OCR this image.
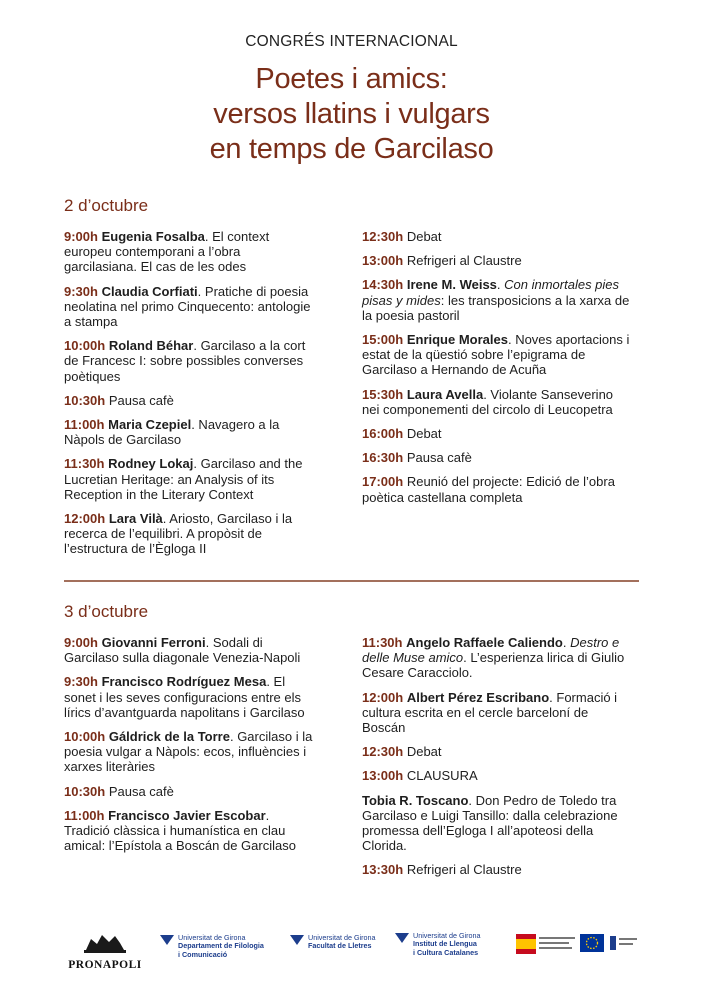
CONGRÉS INTERNACIONAL
Poetes i amics:
versos llatins i vulgars
en temps de Garcilaso
2 d’octubre

9:00h Eugenia Fosalba. El context europeu contemporani a l’obra garcilasiana. El cas de les odes

9:30h Claudia Corfiati. Pratiche di poesia neolatina nel primo Cinquecento: antologie a stampa

10:00h Roland Béhar. Garcilaso a la cort de Francesc I: sobre possibles converses poètiques

10:30h Pausa cafè

11:00h Maria Czepiel. Navagero a la Nàpols de Garcilaso

11:30h Rodney Lokaj. Garcilaso and the Lucretian Heritage: an Analysis of its Reception in the Literary Context

12:00h Lara Vilà. Ariosto, Garcilaso i la recerca de l’equilibri. A propòsit de l’estructura de l’Ègloga II

12:30h Debat

13:00h Refrigeri al Claustre

14:30h Irene M. Weiss. Con inmortales pies pisas y mides: les transposicions a la xarxa de la poesia pastoril

15:00h Enrique Morales. Noves aportacions i estat de la qüestió sobre l’epigrama de Garcilaso a Hernando de Acuña

15:30h Laura Avella. Violante Sanseverino nei componementi del circolo di Leucopetra

16:00h Debat

16:30h Pausa cafè

17:00h Reunió del projecte: Edició de l’obra poètica castellana completa

3 d’octubre

9:00h Giovanni Ferroni. Sodali di Garcilaso sulla diagonale Venezia-Napoli

9:30h Francisco Rodríguez Mesa. El sonet i les seves configuracions entre els lírics d’avantguarda napolitans i Garcilaso

10:00h Gáldrick de la Torre. Garcilaso i la poesia vulgar a Nàpols: ecos, influències i xarxes literàries

10:30h Pausa cafè

11:00h Francisco Javier Escobar. Tradició clàssica i humanística en clau amical: l’Epístola a Boscán de Garcilaso

11:30h Angelo Raffaele Caliendo. Destro e delle Muse amico. L’esperienza lirica di Giulio Cesare Caracciolo.

12:00h Albert Pérez Escribano. Formació i cultura escrita en el cercle barceloní de Boscán

12:30h Debat

13:00h CLAUSURA

Tobia R. Toscano. Don Pedro de Toledo tra Garcilaso e Luigi Tansillo: dalla celebrazione promessa dell’Egloga I all’apoteosi della Clorida.

13:30h Refrigeri al Claustre

PRONAPOLI
Universitat de Girona
Departament de Filologia
i Comunicació
Universitat de Girona
Facultat de Lletres
Universitat de Girona
Institut de Llengua
i Cultura Catalanes
